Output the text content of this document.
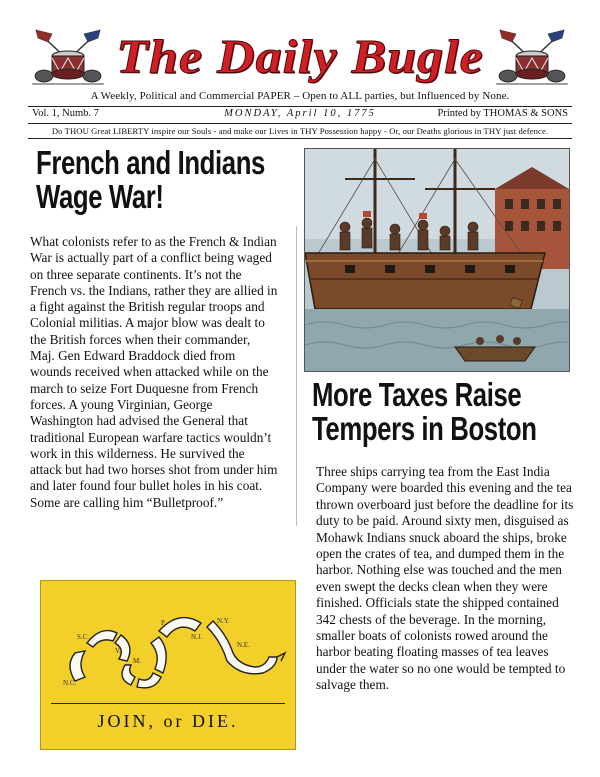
The Daily Bugle
A Weekly, Political and Commercial PAPER – Open to ALL parties, but Influenced by None.
Vol. 1, Numb. 7	MONDAY, April 10, 1775	Printed by THOMAS & SONS
Do THOU Great LIBERTY inspire our Souls - and make our Lives in THY Possession happy - Or, our Deaths glorious in THY just defence.
French and Indians
Wage War!
What colonists refer to as the French & Indian War is actually part of a conflict being waged on three separate continents. It’s not the French vs. the Indians, rather they are allied in a fight against the British regular troops and Colonial militias. A major blow was dealt to the British forces when their commander, Maj. Gen Edward Braddock died from wounds received when attacked while on the march to seize Fort Duquesne from French forces. A young Virginian, George Washington had advised the General that traditional European warfare tactics wouldn’t work in this wilderness. He survived the attack but had two horses shot from under him and later found four bullet holes in his coat. Some are calling him “Bulletproof.”
More Taxes Raise
Tempers in Boston
Three ships carrying tea from the East India Company were boarded this evening and the tea thrown overboard just before the deadline for its duty to be paid. Around sixty men, disguised as Mohawk Indians snuck aboard the ships, broke open the crates of tea, and dumped them in the harbor. Nothing else was touched and the men even swept the decks clean when they were finished. Officials state the shipped contained 342 chests of the beverage. In the morning, smaller boats of colonists rowed around the harbor beating floating masses of tea leaves under the water so no one would be tempted to salvage them.
N.C.
S.C.
V.
M.
P.
N.J.
N.Y.
N.E.
JOIN, or DIE.
